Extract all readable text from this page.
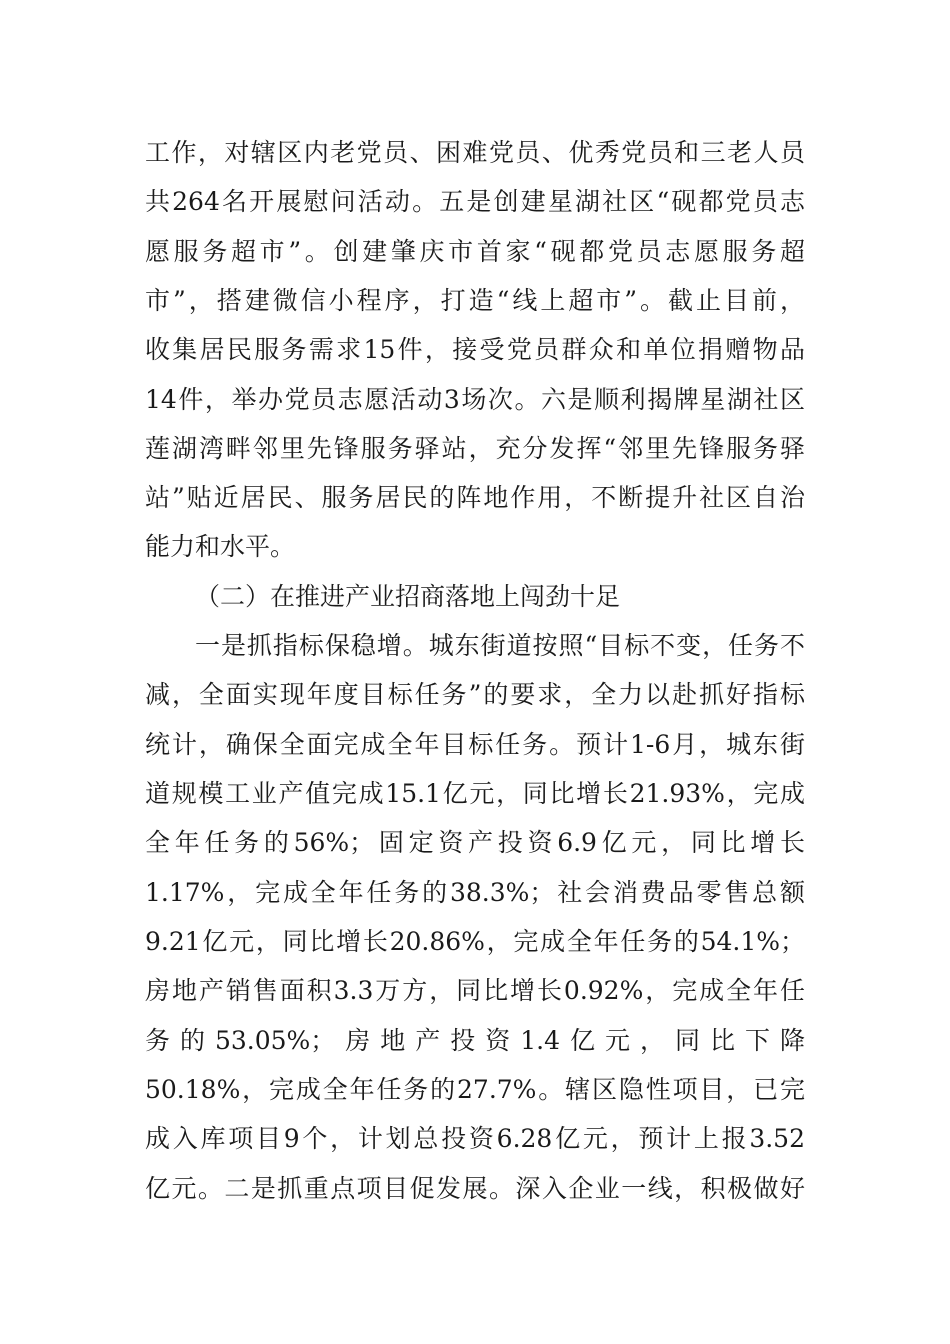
工作，对辖区内老党员、困难党员、优秀党员和三老人员
共264名开展慰问活动。五是创建星湖社区“砚都党员志
愿服务超市”。创建肇庆市首家“砚都党员志愿服务超
市”，搭建微信小程序，打造“线上超市”。截止目前，
收集居民服务需求15件，接受党员群众和单位捐赠物品
14件，举办党员志愿活动3场次。六是顺利揭牌星湖社区
莲湖湾畔邻里先锋服务驿站，充分发挥“邻里先锋服务驿
站”贴近居民、服务居民的阵地作用，不断提升社区自治
能力和水平。
（二）在推进产业招商落地上闯劲十足
一是抓指标保稳增。城东街道按照“目标不变，任务不
减，全面实现年度目标任务”的要求，全力以赴抓好指标
统计，确保全面完成全年目标任务。预计1-6月，城东街
道规模工业产值完成15.1亿元，同比增长21.93%，完成
全年任务的56%；固定资产投资6.9亿元，同比增长
1.17%，完成全年任务的38.3%；社会消费品零售总额
9.21亿元，同比增长20.86%，完成全年任务的54.1%；
房地产销售面积3.3万方，同比增长0.92%，完成全年任
务的53.05%；房地产投资1.4亿元，同比下降
50.18%，完成全年任务的27.7%。辖区隐性项目，已完
成入库项目9个，计划总投资6.28亿元，预计上报3.52
亿元。二是抓重点项目促发展。深入企业一线，积极做好
